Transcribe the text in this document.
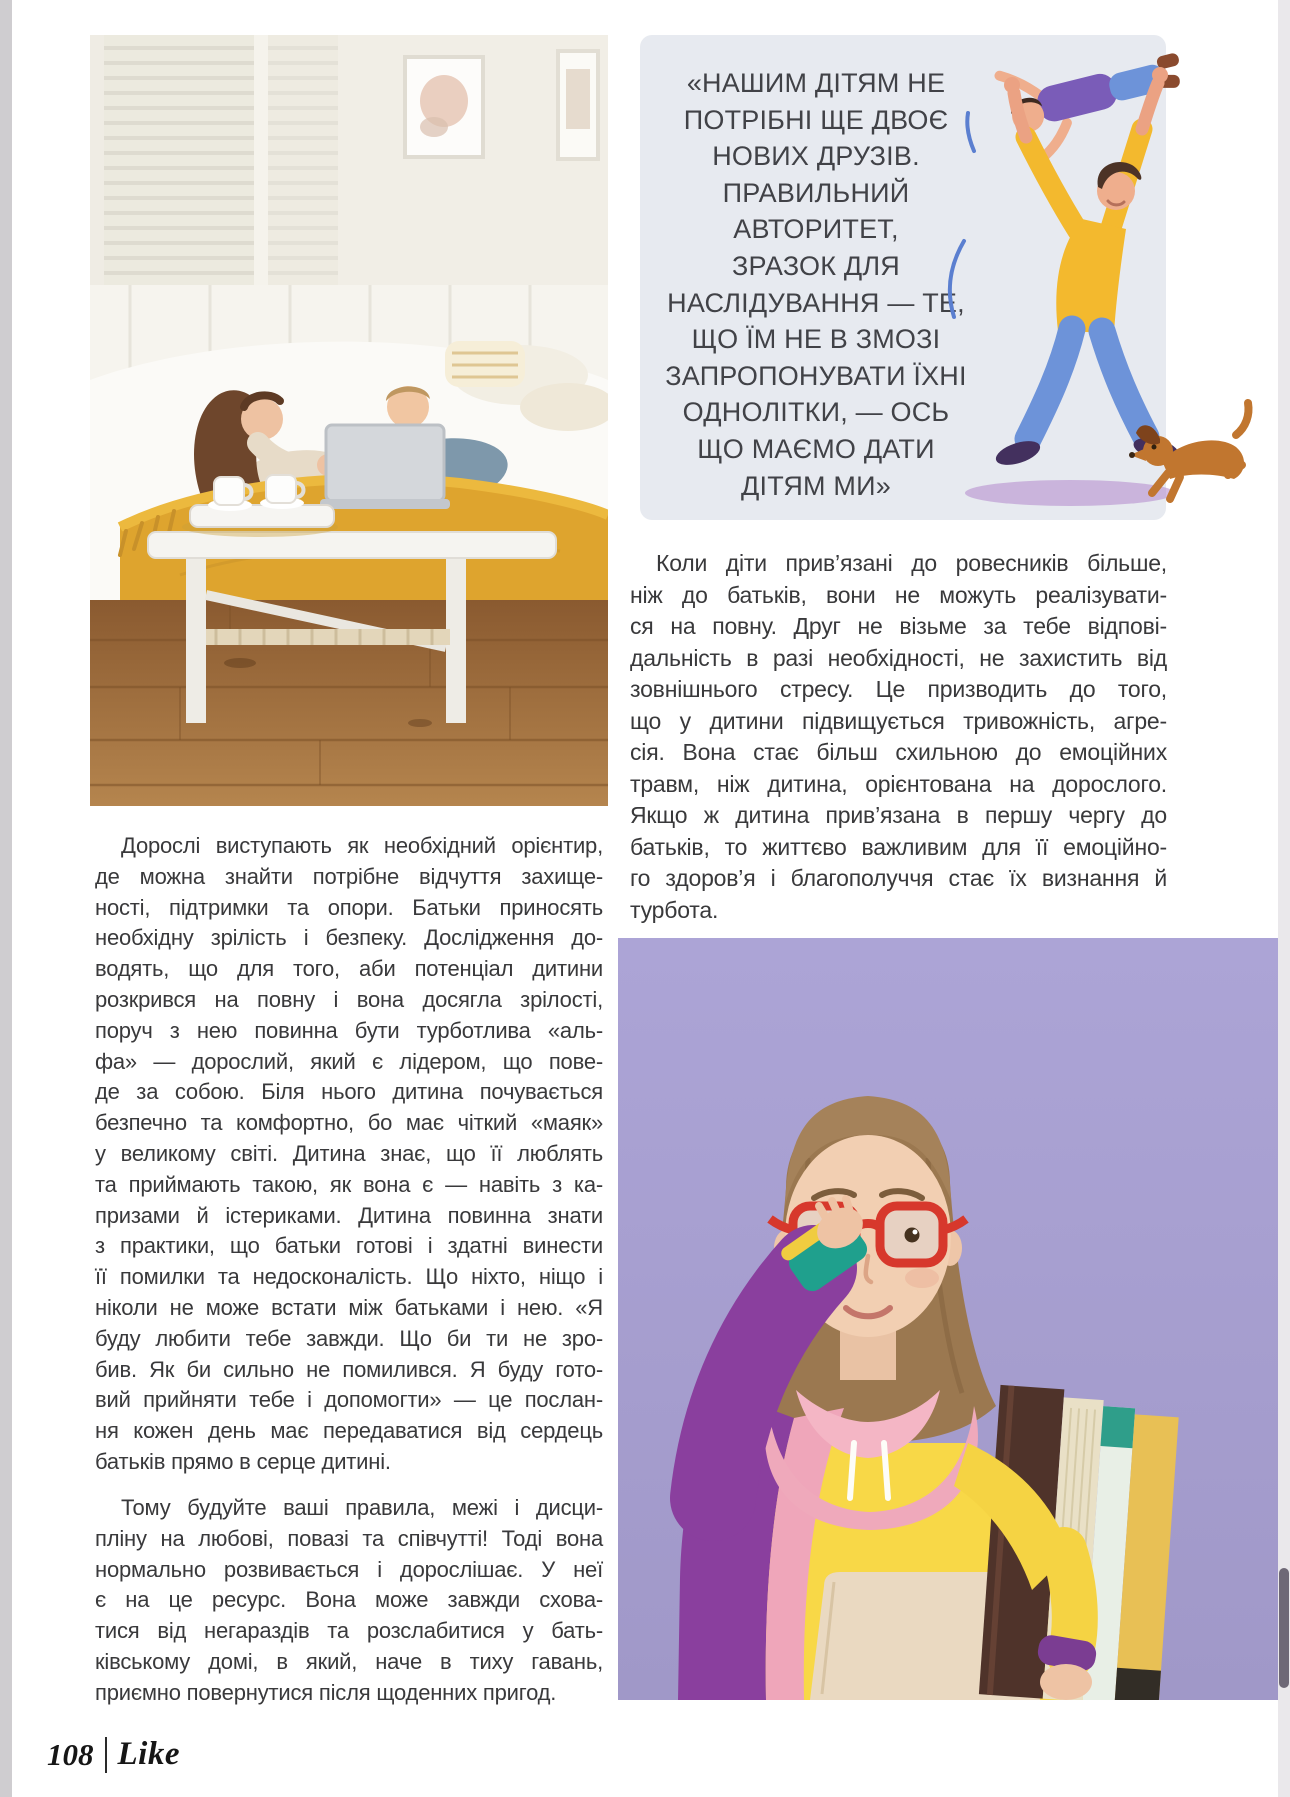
«НАШИМ ДІТЯМ НЕ
ПОТРІБНІ ЩЕ ДВОЄ
НОВИХ ДРУЗІВ.
ПРАВИЛЬНИЙ
АВТОРИТЕТ,
ЗРАЗОК ДЛЯ
НАСЛІДУВАННЯ — ТЕ,
ЩО ЇМ НЕ В ЗМОЗІ
ЗАПРОПОНУВАТИ ЇХНІ
ОДНОЛІТКИ, — ОСЬ
ЩО МАЄМО ДАТИ
ДІТЯМ МИ»
Коли діти прив’язані до ровесників більше,
ніж до батьків, вони не можуть реалізувати-
ся на повну. Друг не візьме за тебе відпові-
дальність в разі необхідності, не захистить від
зовнішнього стресу. Це призводить до того,
що у дитини підвищується тривожність, агре-
сія. Вона стає більш схильною до емоційних
травм, ніж дитина, орієнтована на дорослого.
Якщо ж дитина прив’язана в першу чергу до
батьків, то життєво важливим для її емоційно-
го здоров’я і благополуччя стає їх визнання й
турбота.
Дорослі виступають як необхідний орієнтир,
де можна знайти потрібне відчуття захище-
ності, підтримки та опори. Батьки приносять
необхідну зрілість і безпеку. Дослідження до-
водять, що для того, аби потенціал дитини
розкрився на повну і вона досягла зрілості,
поруч з нею повинна бути турботлива «аль-
фа» — дорослий, який є лідером, що пове-
де за собою. Біля нього дитина почувається
безпечно та комфортно, бо має чіткий «маяк»
у великому світі. Дитина знає, що її люблять
та приймають такою, як вона є — навіть з ка-
призами й істериками. Дитина повинна знати
з практики, що батьки готові і здатні винести
її помилки та недосконалість. Що ніхто, ніщо і
ніколи не може встати між батьками і нею. «Я
буду любити тебе завжди. Що би ти не зро-
бив. Як би сильно не помилився. Я буду гото-
вий прийняти тебе і допомогти» — це послан-
ня кожен день має передаватися від сердець
батьків прямо в серце дитині.
Тому будуйте ваші правила, межі і дисци-
пліну на любові, повазі та співчутті! Тоді вона
нормально розвивається і дорослішає. У неї
є на це ресурс. Вона може завжди схова-
тися від негараздів та розслабитися у бать-
ківському домі, в який, наче в тиху гавань,
приємно повернутися після щоденних пригод.
108 Like
